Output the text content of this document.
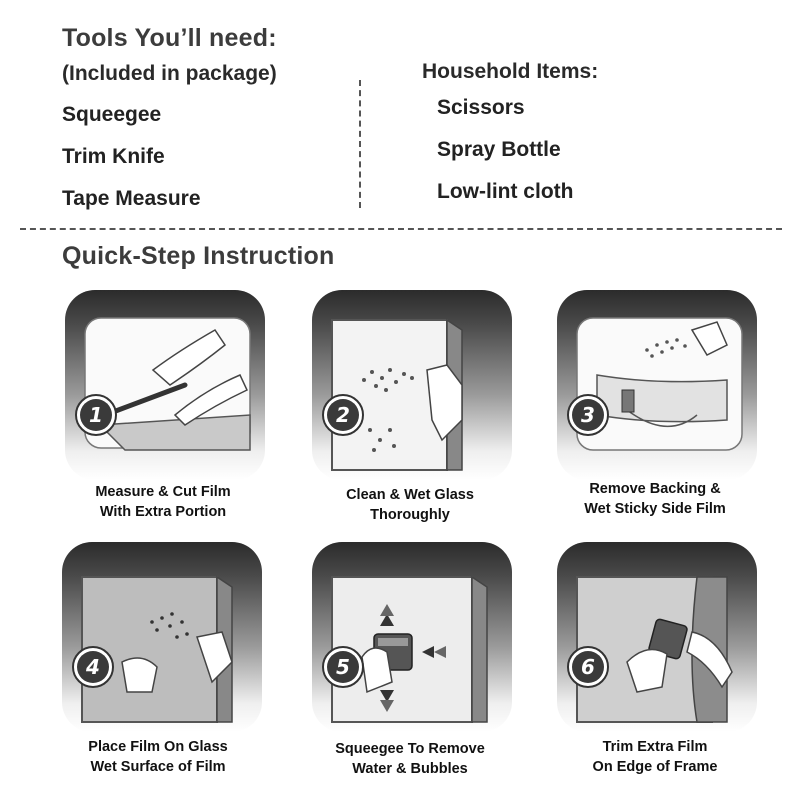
Tools You’ll need:
(Included in package)
Squeegee
Trim Knife
Tape Measure
Household Items:
Scissors
Spray Bottle
Low-lint cloth
Quick-Step Instruction
1
Measure & Cut Film
With Extra Portion
2
Clean & Wet Glass
Thoroughly
3
Remove Backing &
Wet Sticky Side Film
4
Place Film On Glass
Wet Surface of Film
5
Squeegee To Remove
Water & Bubbles
6
Trim Extra Film
On Edge of Frame
